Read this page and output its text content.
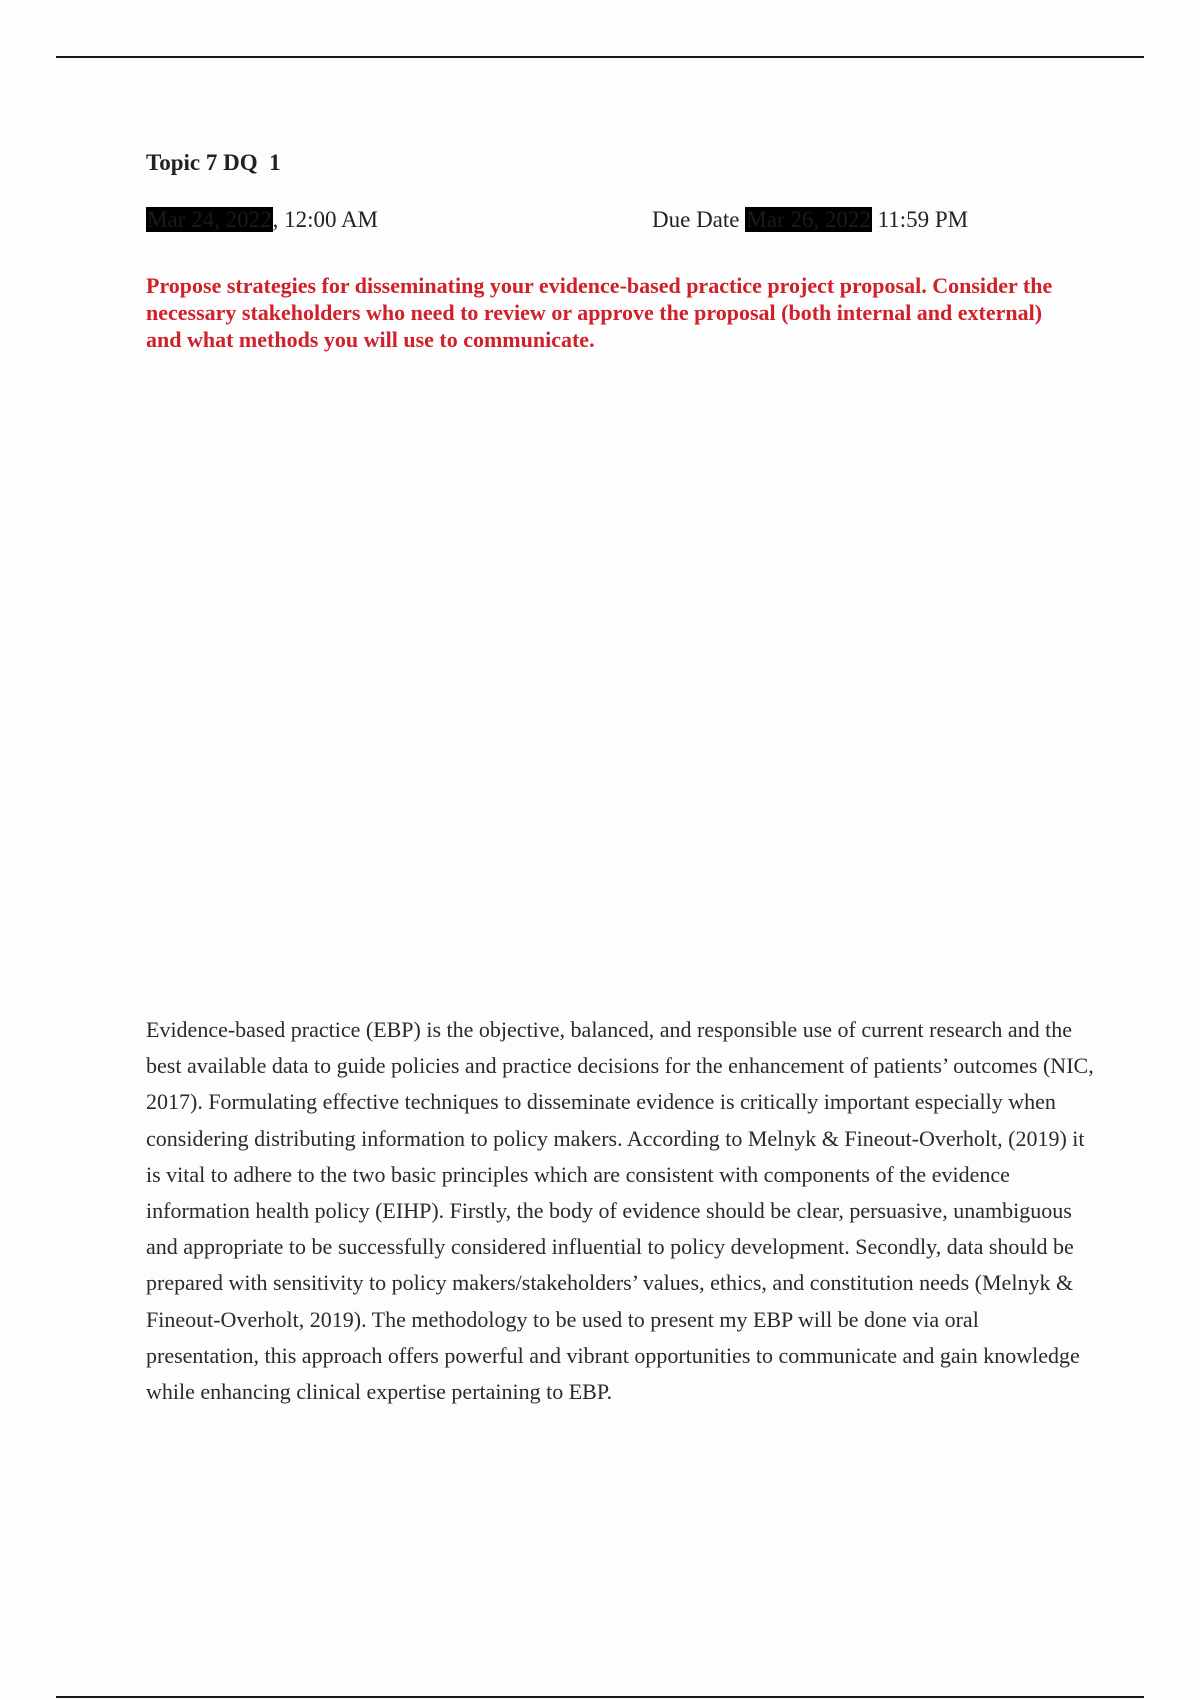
Topic 7 DQ  1
Mar 24, 2022, 12:00 AM	Due Date Mar 26, 2022 11:59 PM
Propose strategies for disseminating your evidence-based practice project proposal. Consider the necessary stakeholders who need to review or approve the proposal (both internal and external) and what methods you will use to communicate.
Evidence-based practice (EBP) is the objective, balanced, and responsible use of current research and the best available data to guide policies and practice decisions for the enhancement of patients’ outcomes (NIC, 2017). Formulating effective techniques to disseminate evidence is critically important especially when considering distributing information to policy makers. According to Melnyk & Fineout-Overholt, (2019) it is vital to adhere to the two basic principles which are consistent with components of the evidence information health policy (EIHP). Firstly, the body of evidence should be clear, persuasive, unambiguous and appropriate to be successfully considered influential to policy development. Secondly, data should be prepared with sensitivity to policy makers/stakeholders’ values, ethics, and constitution needs (Melnyk & Fineout-Overholt, 2019). The methodology to be used to present my EBP will be done via oral presentation, this approach offers powerful and vibrant opportunities to communicate and gain knowledge while enhancing clinical expertise pertaining to EBP.
